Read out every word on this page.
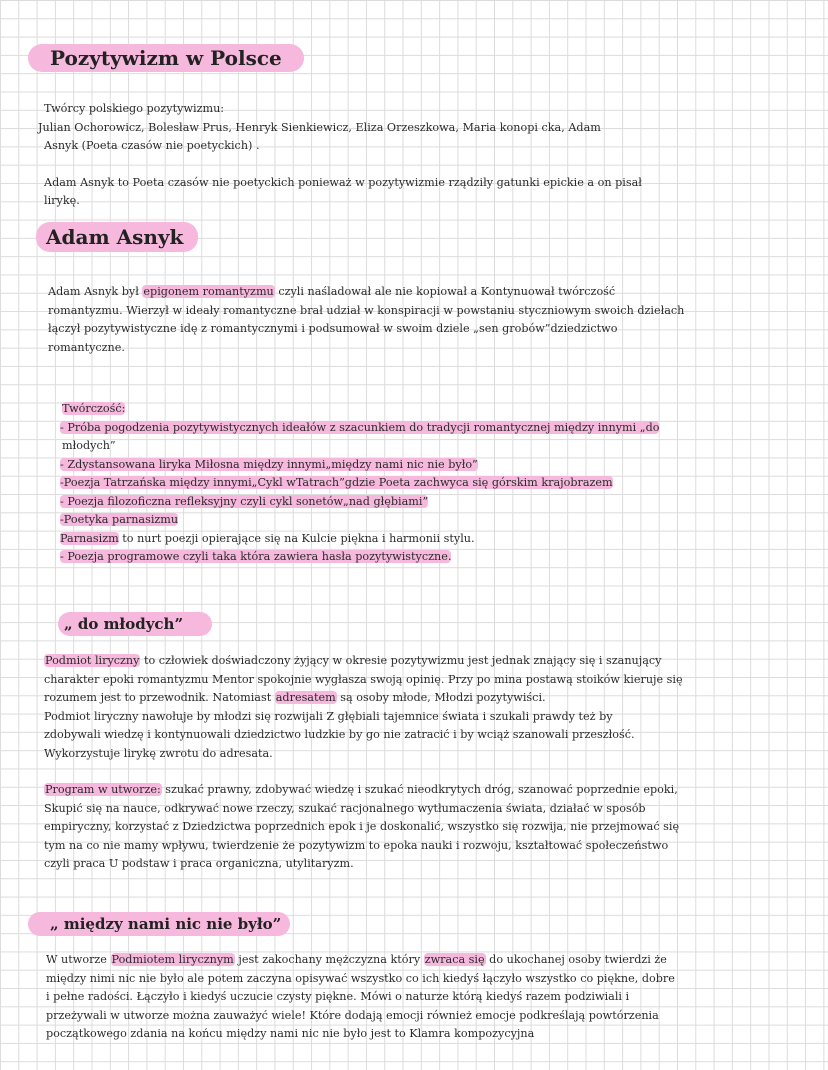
Pozytywizm w Polsce

Twórcy polskiego pozytywizmu:

Julian Ochorowicz, Bolesław Prus, Henryk Sienkiewicz, Eliza Orzeszkowa, Maria konopi cka, Adam

Asnyk (Poeta czasów nie poetyckich) .

Adam Asnyk to Poeta czasów nie poetyckich ponieważ w pozytywizmie rządziły gatunki epickie a on pisał

lirykę.

Adam Asnyk

Adam Asnyk był epigonem romantyzmu czyli naśladował ale nie kopiował a Kontynuował twórczość

romantyzmu. Wierzył w ideały romantyczne brał udział w konspiracji w powstaniu styczniowym swoich dziełach

łączył pozytywistyczne idę z romantycznymi i podsumował w swoim dziele „sen grobów”dziedzictwo

romantyczne.

Twórczość:

- Próba pogodzenia pozytywistycznych ideałów z szacunkiem do tradycji romantycznej między innymi „do

młodych”

- Zdystansowana liryka Miłosna między innymi„między nami nic nie było”

-Poezja Tatrzańska między innymi„Cykl wTatrach”gdzie Poeta zachwyca się górskim krajobrazem

- Poezja filozoficzna refleksyjny czyli cykl sonetów„nad głębiami”

-Poetyka parnasizmu

Parnasizm to nurt poezji opierające się na Kulcie piękna i harmonii stylu.

- Poezja programowe czyli taka która zawiera hasła pozytywistyczne.

„ do młodych”

Podmiot liryczny to człowiek doświadczony żyjący w okresie pozytywizmu jest jednak znający się i szanujący

charakter epoki romantyzmu Mentor spokojnie wygłasza swoją opinię. Przy po mina postawą stoików kieruje się

rozumem jest to przewodnik. Natomiast adresatem są osoby młode, Młodzi pozytywiści.

Podmiot liryczny nawołuje by młodzi się rozwijali Z głębiali tajemnice świata i szukali prawdy też by

zdobywali wiedzę i kontynuowali dziedzictwo ludzkie by go nie zatracić i by wciąż szanowali przeszłość.

Wykorzystuje lirykę zwrotu do adresata.

Program w utworze: szukać prawny, zdobywać wiedzę i szukać nieodkrytych dróg, szanować poprzednie epoki,

Skupić się na nauce, odkrywać nowe rzeczy, szukać racjonalnego wytłumaczenia świata, działać w sposób

empiryczny, korzystać z Dziedzictwa poprzednich epok i je doskonalić, wszystko się rozwija, nie przejmować się

tym na co nie mamy wpływu, twierdzenie że pozytywizm to epoka nauki i rozwoju, kształtować społeczeństwo

czyli praca U podstaw i praca organiczna, utylitaryzm.

„ między nami nic nie było”

W utworze Podmiotem lirycznym jest zakochany mężczyzna który zwraca się do ukochanej osoby twierdzi że

między nimi nic nie było ale potem zaczyna opisywać wszystko co ich kiedyś łączyło wszystko co piękne, dobre

i pełne radości. Łączyło i kiedyś uczucie czysty piękne. Mówi o naturze którą kiedyś razem podziwiali i

przeżywali w utworze można zauważyć wiele! Które dodają emocji również emocje podkreślają powtórzenia

początkowego zdania na końcu między nami nic nie było jest to Klamra kompozycyjna
